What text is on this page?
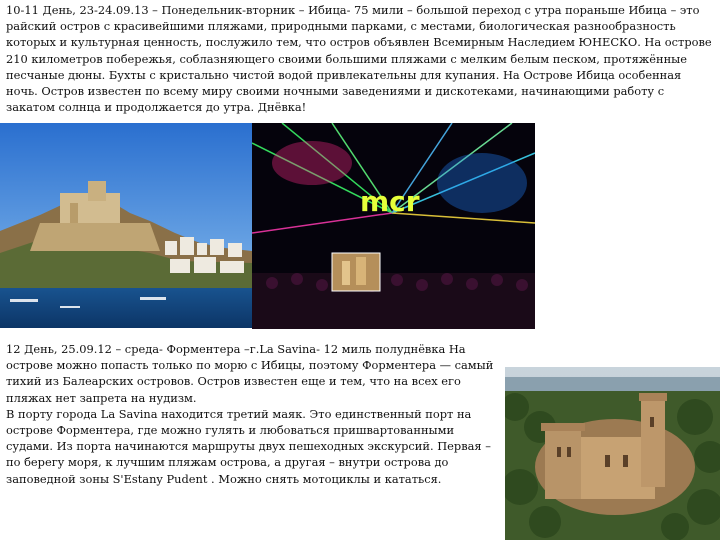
10-11 День, 23-24.09.13 – Понедельник-вторник – Ибица- 75 мили – большой переход с утра пораньше Ибица – это райский остров с красивейшими пляжами, природными парками, с местами, биологическая разнообразность которых и культурная ценность, послужило тем, что остров объявлен Всемирным Наследием ЮНЕСКО. На острове 210 километров побережья, соблазняющего своими большими пляжами с мелким белым песком, протяжённые песчаные дюны. Бухты с кристально чистой водой привлекательны для купания. На Острове Ибица особенная ночь. Остров известен по всему миру своими ночными заведениями и дискотеками, начинающими работу с закатом солнца и продолжается до утра. Днёвка!
mcr
12 День, 25.09.12 – среда- Форментера –г.La Savina- 12 миль полуднёвка На острове можно попасть только по морю с Ибицы, поэтому Форментера — самый тихий из Балеарских островов. Остров известен еще и тем, что на всех его пляжах нет запрета на нудизм.
В порту города La Savina находится третий маяк. Это единственный порт на острове Форментера, где можно гулять и любоваться пришвартованными судами. Из порта начинаются маршруты двух пешеходных экскурсий. Первая – по берегу моря, к лучшим пляжам острова, а другая – внутри острова до заповедной зоны S'Estany Pudent . Можно снять мотоциклы и кататься.
